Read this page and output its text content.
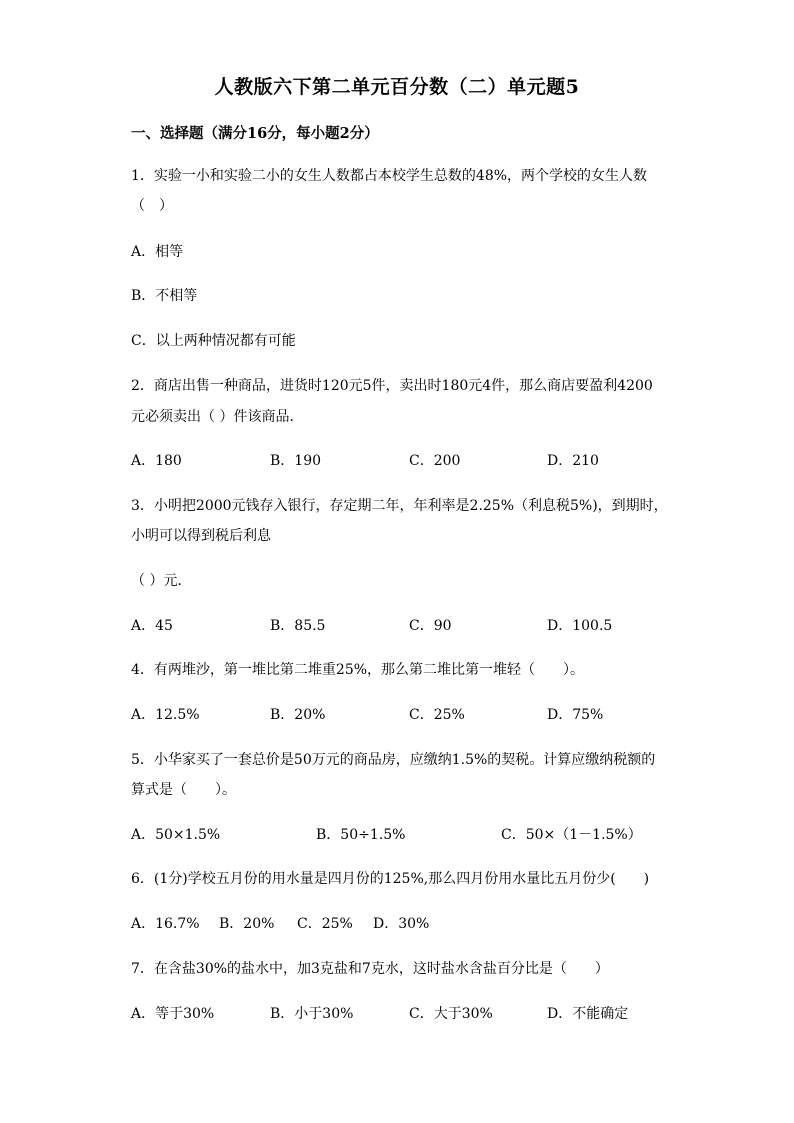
人教版六下第二单元百分数（二）单元题5
一、选择题（满分16分，每小题2分）
1．实验一小和实验二小的女生人数都占本校学生总数的48%，两个学校的女生人数
（　）
A．相等
B．不相等
C．以上两种情况都有可能
2．商店出售一种商品，进货时120元5件，卖出时180元4件，那么商店要盈利4200
元必须卖出（ ）件该商品．
A．180	B．190	C．200	D．210
3．小明把2000元钱存入银行，存定期二年，年利率是2.25%（利息税5%)，到期时，
小明可以得到税后利息
（ ）元．
A．45	B．85.5	C．90	D．100.5
4．有两堆沙，第一堆比第二堆重25%，那么第二堆比第一堆轻（　　）。
A．12.5%	B．20%	C．25%	D．75%
5．小华家买了一套总价是50万元的商品房，应缴纳1.5%的契税。计算应缴纳税额的
算式是（　　）。
A．50×1.5%	B．50÷1.5%	C．50×（1－1.5%）
6．(1分)学校五月份的用水量是四月份的125%,那么四月份用水量比五月份少(　　)
A．16.7% B．20% C．25% D．30%
7．在含盐30%的盐水中，加3克盐和7克水，这时盐水含盐百分比是（　　）
A．等于30%	B．小于30%	C．大于30%	D．不能确定
